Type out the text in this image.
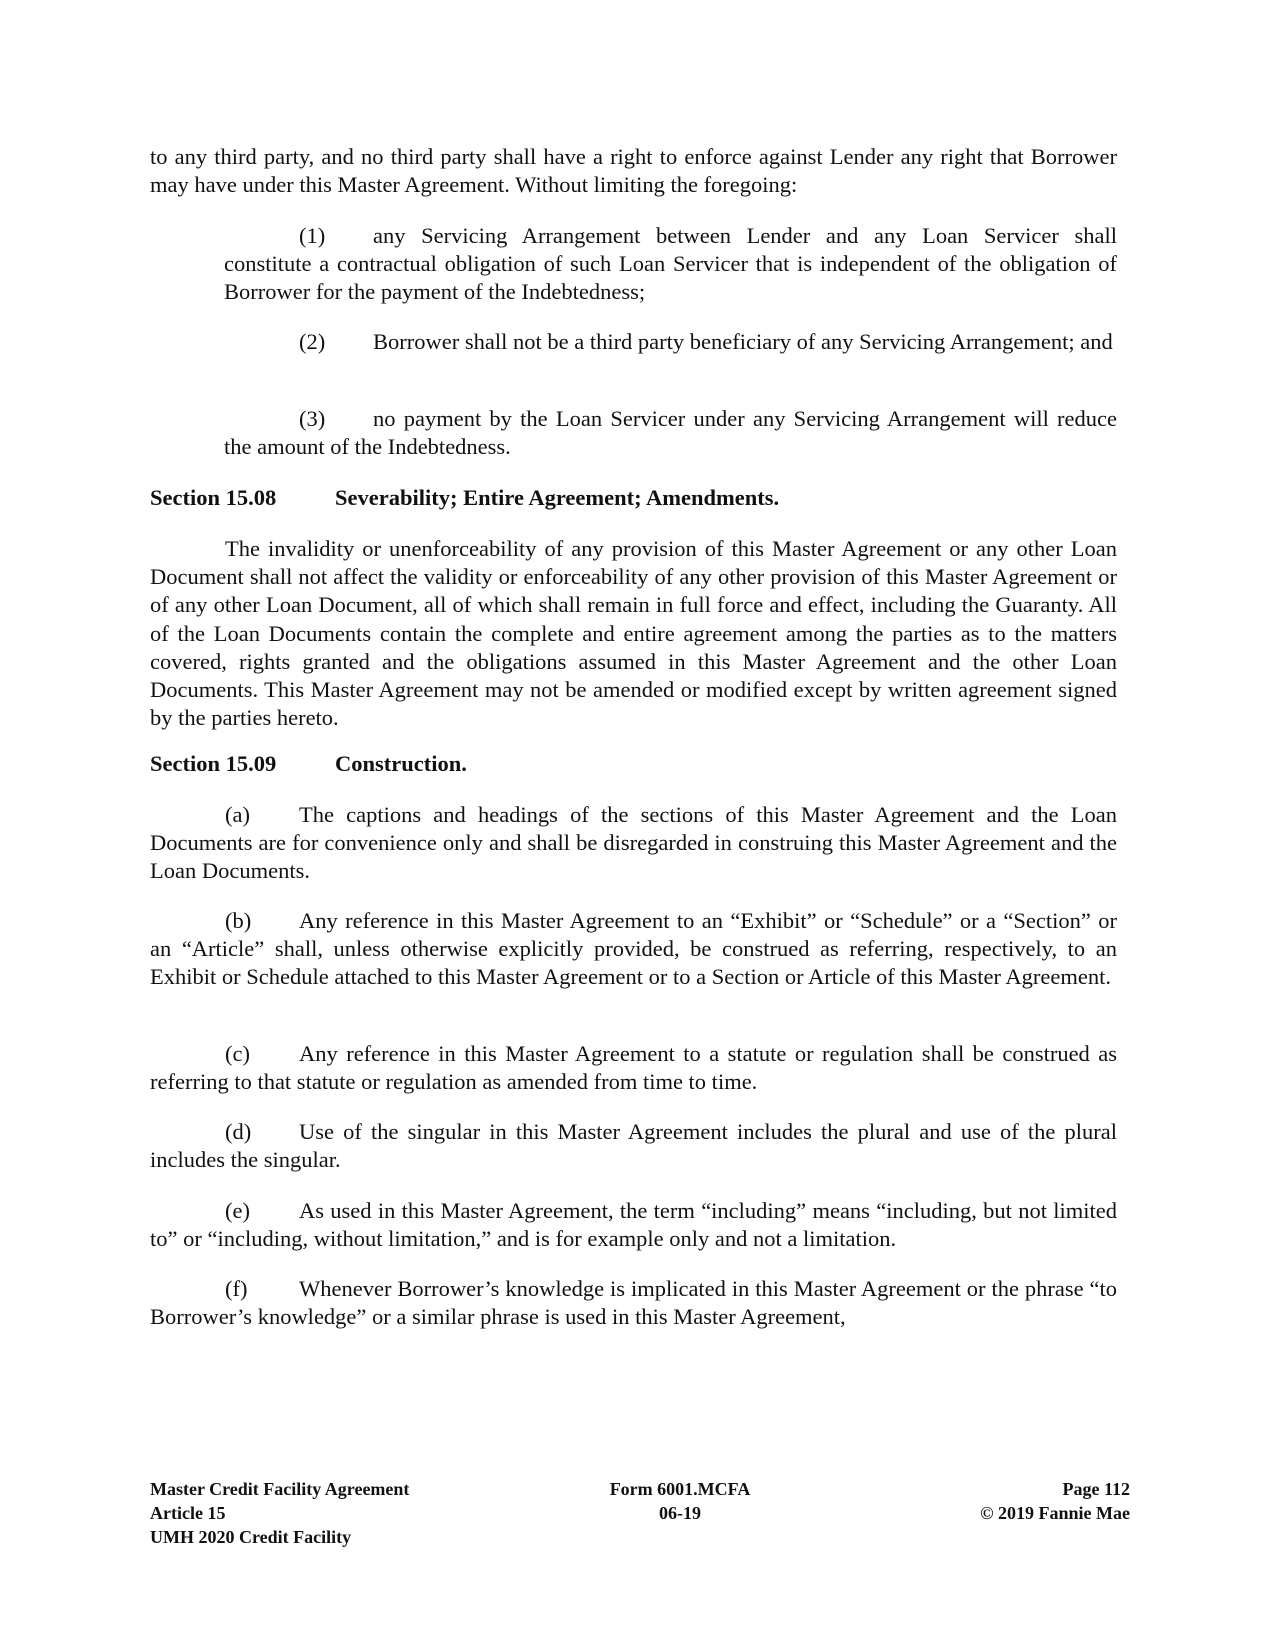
to any third party, and no third party shall have a right to enforce against Lender any right that Borrower may have under this Master Agreement. Without limiting the foregoing:

(1) any Servicing Arrangement between Lender and any Loan Servicer shall constitute a contractual obligation of such Loan Servicer that is independent of the obligation of Borrower for the payment of the Indebtedness;

(2) Borrower shall not be a third party beneficiary of any Servicing Arrangement; and

(3) no payment by the Loan Servicer under any Servicing Arrangement will reduce the amount of the Indebtedness.

Section 15.08	Severability; Entire Agreement; Amendments.

The invalidity or unenforceability of any provision of this Master Agreement or any other Loan Document shall not affect the validity or enforceability of any other provision of this Master Agreement or of any other Loan Document, all of which shall remain in full force and effect, including the Guaranty. All of the Loan Documents contain the complete and entire agreement among the parties as to the matters covered, rights granted and the obligations assumed in this Master Agreement and the other Loan Documents. This Master Agreement may not be amended or modified except by written agreement signed by the parties hereto.

Section 15.09	Construction.

(a) The captions and headings of the sections of this Master Agreement and the Loan Documents are for convenience only and shall be disregarded in construing this Master Agreement and the Loan Documents.

(b) Any reference in this Master Agreement to an “Exhibit” or “Schedule” or a “Section” or an “Article” shall, unless otherwise explicitly provided, be construed as referring, respectively, to an Exhibit or Schedule attached to this Master Agreement or to a Section or Article of this Master Agreement.

(c) Any reference in this Master Agreement to a statute or regulation shall be construed as referring to that statute or regulation as amended from time to time.

(d) Use of the singular in this Master Agreement includes the plural and use of the plural includes the singular.

(e) As used in this Master Agreement, the term “including” means “including, but not limited to” or “including, without limitation,” and is for example only and not a limitation.

(f) Whenever Borrower’s knowledge is implicated in this Master Agreement or the phrase “to Borrower’s knowledge” or a similar phrase is used in this Master Agreement,

Master Credit Facility Agreement
Article 15
UMH 2020 Credit Facility
Form 6001.MCFA
06-19
Page 112
© 2019 Fannie Mae
